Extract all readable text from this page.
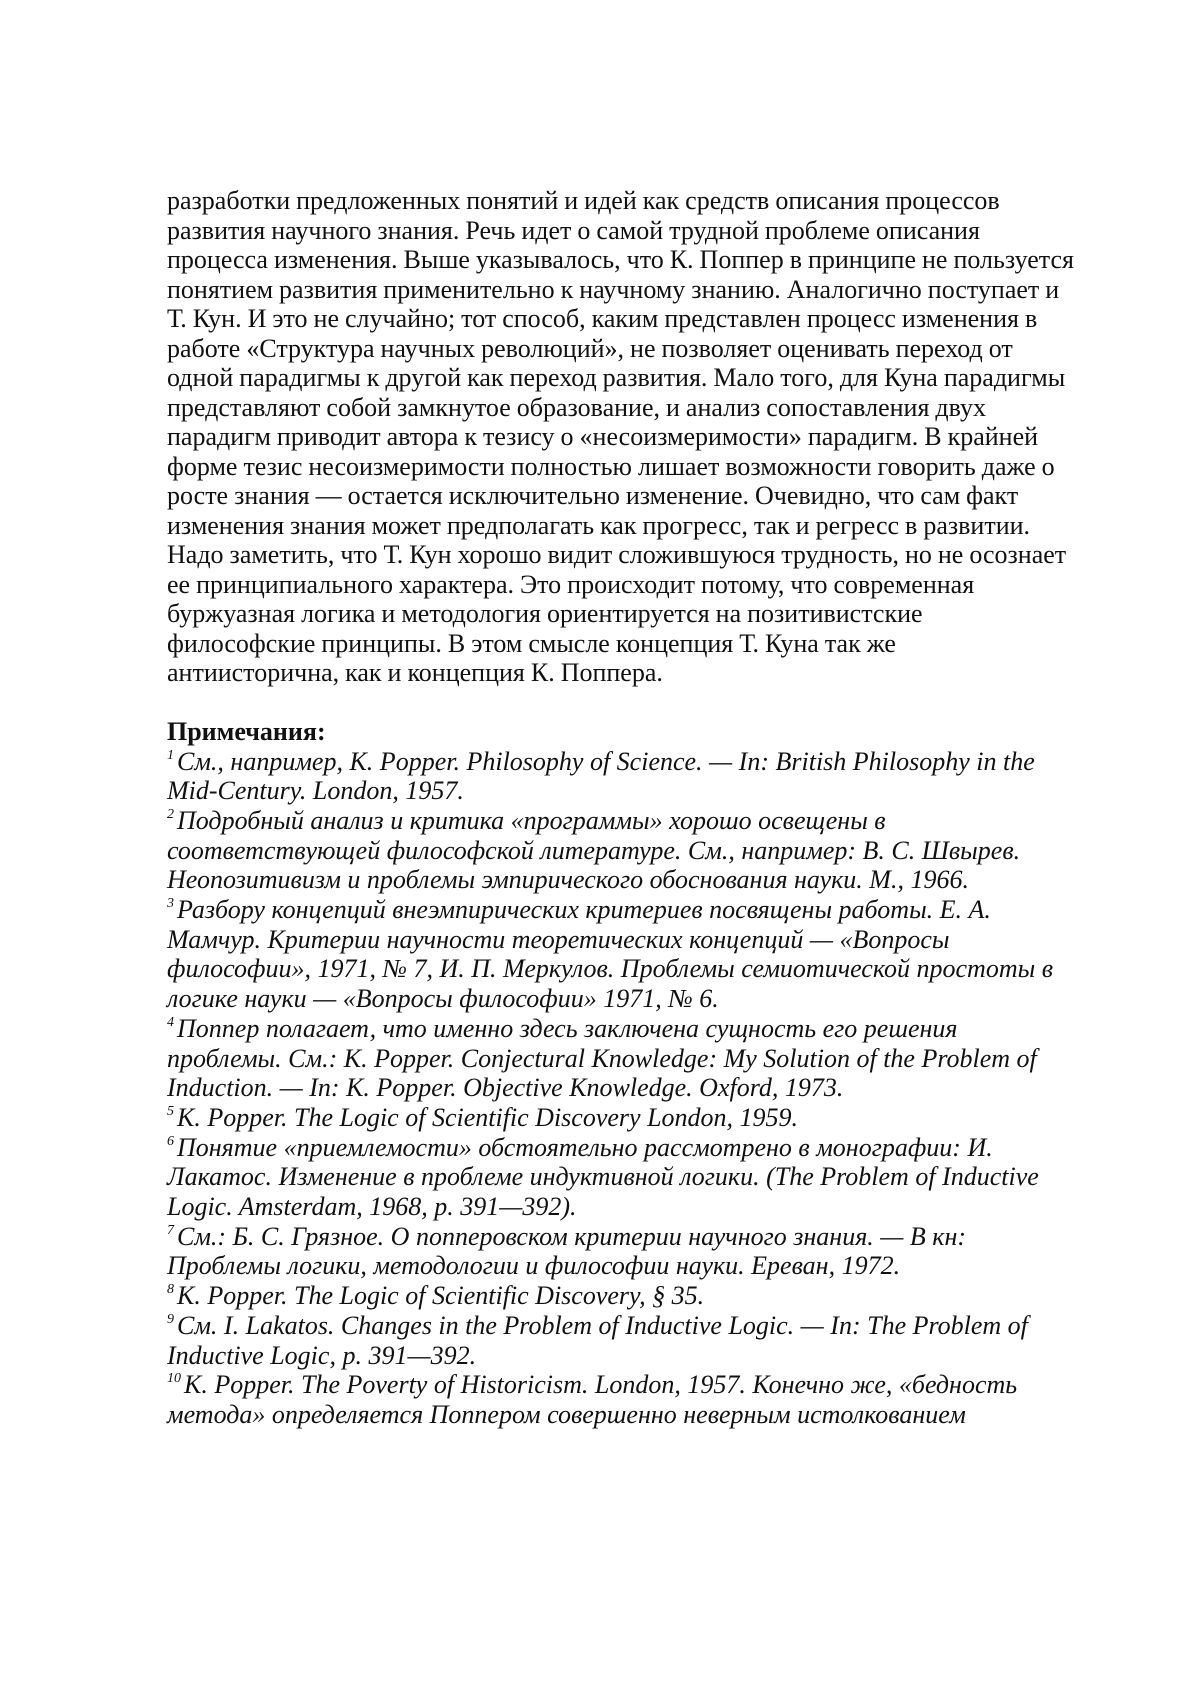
разработки предложенных понятий и идей как средств описания процессов
развития научного знания. Речь идет о самой трудной проблеме описания
процесса изменения. Выше указывалось, что К. Поппер в принципе не пользуется
понятием развития применительно к научному знанию. Аналогично поступает и
Т. Кун. И это не случайно; тот способ, каким представлен процесс изменения в
работе «Структура научных революций», не позволяет оценивать переход от
одной парадигмы к другой как переход развития. Мало того, для Куна парадигмы
представляют собой замкнутое образование, и анализ сопоставления двух
парадигм приводит автора к тезису о «несоизмеримости» парадигм. В крайней
форме тезис несоизмеримости полностью лишает возможности говорить даже о
росте знания — остается исключительно изменение. Очевидно, что сам факт
изменения знания может предполагать как прогресс, так и регресс в развитии.
Надо заметить, что Т. Кун хорошо видит сложившуюся трудность, но не осознает
ее принципиального характера. Это происходит потому, что современная
буржуазная логика и методология ориентируется на позитивистские
философские принципы. В этом смысле концепция Т. Куна так же
антиисторична, как и концепция К. Поппера.

Примечания:
$^1$ См., например, K. Popper. Philosophy of Science. — In: British Philosophy in the
Mid-Century. London, 1957.
$^2$ Подробный анализ и критика «программы» хорошо освещены в
соответствующей философской литературе. См., например: В. С. Швырев.
Неопозитивизм и проблемы эмпирического обоснования науки. М., 1966.
$^3$ Разбору концепций внеэмпирических критериев посвящены работы. Е. А.
Мамчур. Критерии научности теоретических концепций — «Вопросы
философии», 1971, № 7, И. П. Меркулов. Проблемы семиотической простоты в
логике науки — «Вопросы философии» 1971, № 6.
$^4$ Поппер полагает, что именно здесь заключена сущность его решения
проблемы. См.: K. Popper. Conjectural Knowledge: My Solution of the Problem of
Induction. — In: K. Popper. Objective Knowledge. Oxford, 1973.
$^5$ K. Popper. The Logic of Scientific Discovery London, 1959.
$^6$ Понятие «приемлемости» обстоятельно рассмотрено в монографии: И.
Лакатос. Изменение в проблеме индуктивной логики. (The Problem of Inductive
Logic. Amsterdam, 1968, p. 391—392).
$^7$ См.: Б. С. Грязное. О попперовском критерии научного знания. — В кн:
Проблемы логики, методологии и философии науки. Ереван, 1972.
$^8$ K. Popper. The Logic of Scientific Discovery, § 35.
$^9$ См. I. Lakatos. Changes in the Problem of Inductive Logic. — In: The Problem of
Inductive Logic, p. 391—392.
$^{10}$ K. Popper. The Poverty of Historicism. London, 1957. Конечно же, «бедность
метода» определяется Поппером совершенно неверным истолкованием
